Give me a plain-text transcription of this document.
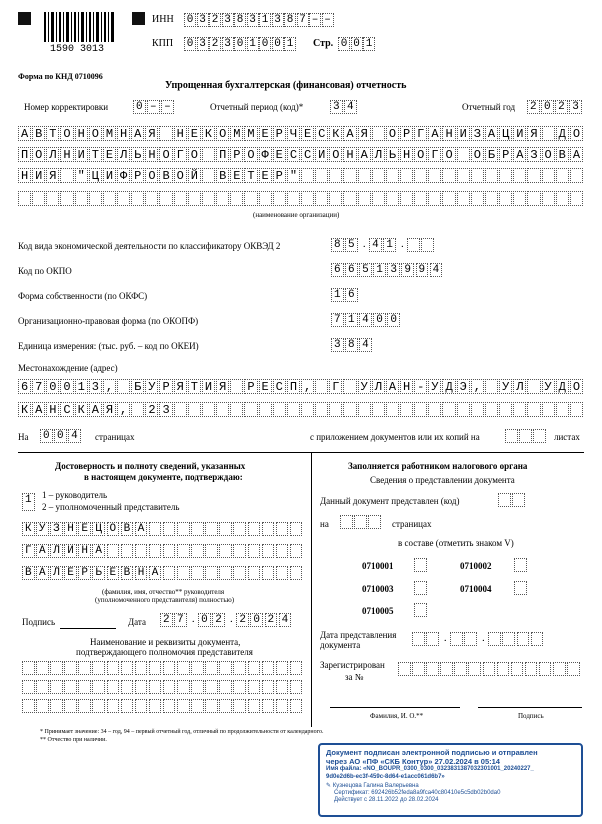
1590 3013
ИНН 0 3 2 3 8 3 1 3 8 7 – –
КПП 0 3 2 3 0 1 0 0 1 Стр. 0 0 1
Форма по КНД 0710096
Упрощенная бухгалтерская (финансовая) отчетность
Номер корректировки	0 – –	Отчетный период (код)*	3 4	Отчетный год 2 0 2 3
А В Т О Н О М Н А Я Н Е К О М М Е Р Ч Е С К А Я О Р Г А Н И З А Ц И Я Д О
П О Л Н И Т Е Л Ь Н О Г О П Р О Ф Е С С И О Н А Л Ь Н О Г О О Б Р А З О В А
Н И Я " Ц И Ф Р О В О Й В Е Т Е Р "
(наименование организации)
Код вида экономической деятельности по классификатору ОКВЭД 2	8 5 . 4 1 .
Код по ОКПО	6 6 5 1 3 9 9 4
Форма собственности (по ОКФС)	1 6
Организационно-правовая форма (по ОКОПФ)	7 1 4 0 0
Единица измерения: (тыс. руб. – код по ОКЕИ)	3 8 4
Местонахождение (адрес)
6 7 0 0 1 3 , Б У Р Я Т И Я Р Е С П , Г У Л А Н - У Д Э , У Л У Д О
К А Н С К А Я , 2 3
На 0 0 4	страницах	с приложением документов или их копий на	листах
Достоверность и полноту сведений, указанных
в настоящем документе, подтверждаю:
1	1 – руководитель
2 – уполномоченный представитель
К У З Н Е Ц О В А
Г А Л И Н А
В А Л Е Р Ь Е В Н А
(фамилия, имя, отчество** руководителя
(уполномоченного представителя) полностью)
Подпись	Дата 2 7 . 0 2 . 2 0 2 4
Наименование и реквизиты документа,
подтверждающего полномочия представителя
Заполняется работником налогового органа
Сведения о представлении документа
Данный документ представлен (код)
на	страницах
в составе (отметить знаком V)
0710001	0710002
0710003	0710004
0710005
Дата представления
документа
.	.
Зарегистрирован
за №
Фамилия, И. О.**	Подпись
* Принимает значение: 34 – год, 94 – первый отчетный год, отличный по продолжительности от календарного.
** Отчество при наличии.
Документ подписан электронной подписью и отправлен
через АО «ПФ «СКБ Контур» 27.02.2024 в 05:14
Имя файла: «NO_BOUPR_0300_0300_0323831387032301001_20240227_
9d0e2d6b-ec3f-459c-8d64-e1acc061d6b7»
✎ Кузнецова Галина Валерьевна
Сертификат: 692426b52feda8a9fca40c80410e5c5db02b0da0
Действует с 28.11.2022 до 28.02.2024
